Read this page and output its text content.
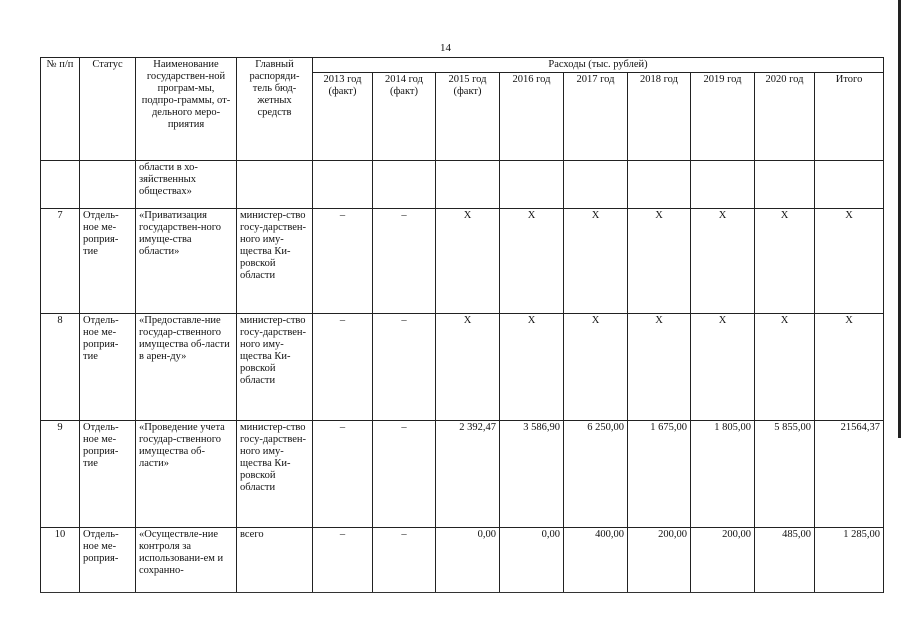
14
№ п/п	Статус	Наименование государствен-ной програм-мы, подпро-граммы, от-дельного меро-приятия	Главный распоряди-тель бюд-жетных средств	Расходы (тыс. рублей)								
				2013 год (факт)	2014 год (факт)	2015 год (факт)	2016 год	2017 год	2018 год	2019 год	2020 год	Итого
		области в хо-зяйственных обществах»										
7	Отдель-ное ме-роприя-тие	«Приватизация государствен-ного имуще-ства области»	министер-ство госу-дарствен-ного иму-щества Ки-ровской области	–	–	Х	Х	Х	Х	Х	Х	Х
8	Отдель-ное ме-роприя-тие	«Предоставле-ние государ-ственного имущества об-ласти в арен-ду»	министер-ство госу-дарствен-ного иму-щества Ки-ровской области	–	–	Х	Х	Х	Х	Х	Х	Х
9	Отдель-ное ме-роприя-тие	«Проведение учета государ-ственного имущества об-ласти»	министер-ство госу-дарствен-ного иму-щества Ки-ровской области	–	–	2 392,47	3 586,90	6 250,00	1 675,00	1 805,00	5 855,00	21564,37
10	Отдель-ное ме-роприя-	«Осуществле-ние контроля за использовани-ем и сохранно-	всего	–	–	0,00	0,00	400,00	200,00	200,00	485,00	1 285,00
